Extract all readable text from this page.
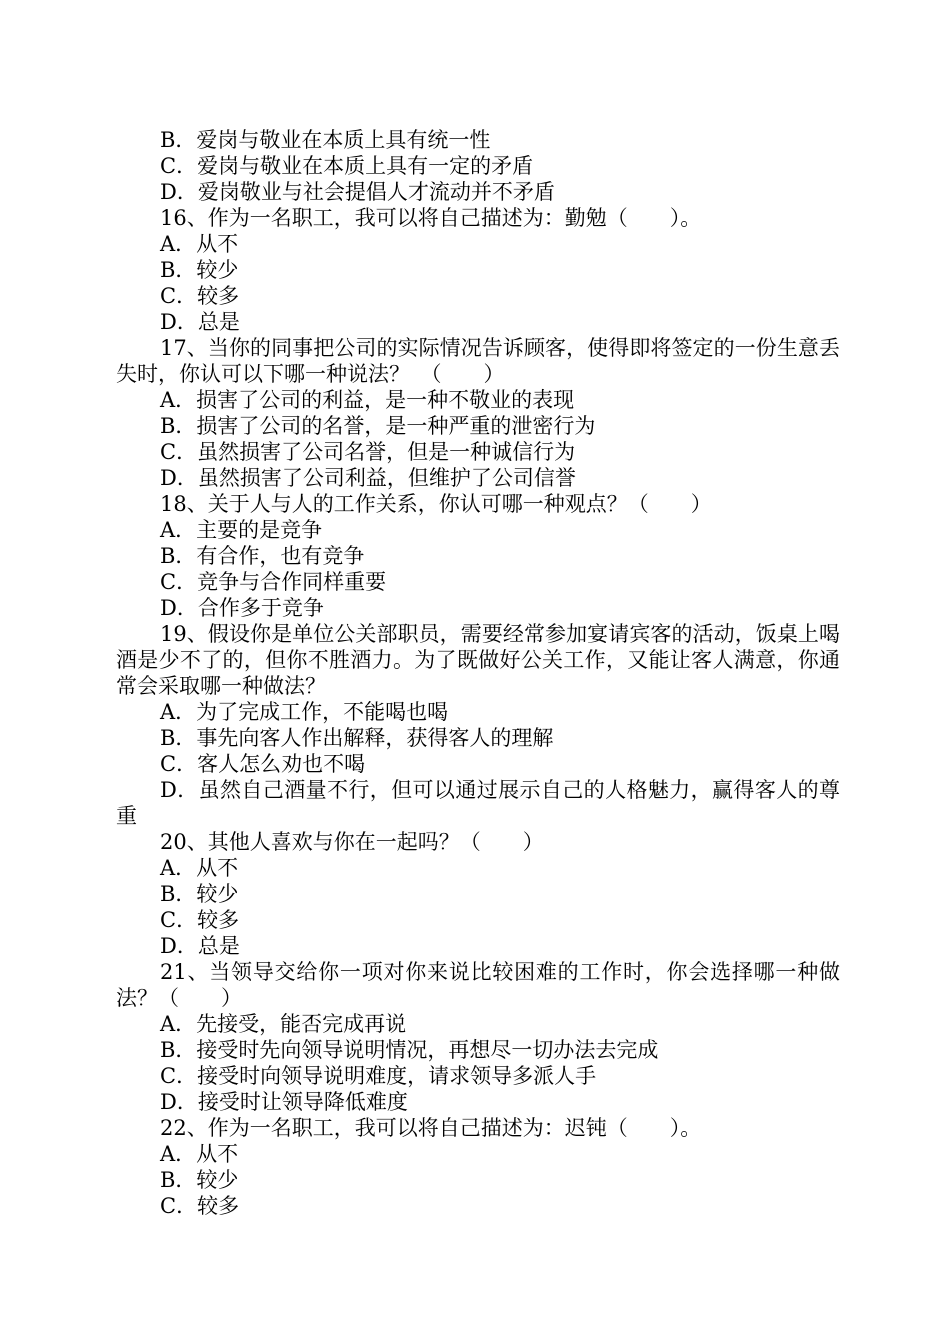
B．爱岗与敬业在本质上具有统一性
C．爱岗与敬业在本质上具有一定的矛盾
D．爱岗敬业与社会提倡人才流动并不矛盾
16、作为一名职工，我可以将自己描述为：勤勉（　　）。
A．从不
B．较少
C．较多
D．总是
17、当你的同事把公司的实际情况告诉顾客，使得即将签定的一份生意丢失时，你认可以下哪一种说法？　（　　）
A．损害了公司的利益，是一种不敬业的表现
B．损害了公司的名誉，是一种严重的泄密行为
C．虽然损害了公司名誉，但是一种诚信行为
D．虽然损害了公司利益，但维护了公司信誉
18、关于人与人的工作关系，你认可哪一种观点？（　　）
A．主要的是竞争
B．有合作，也有竞争
C．竞争与合作同样重要
D．合作多于竞争
19、假设你是单位公关部职员，需要经常参加宴请宾客的活动，饭桌上喝酒是少不了的，但你不胜酒力。为了既做好公关工作，又能让客人满意，你通常会采取哪一种做法？
A．为了完成工作，不能喝也喝
B．事先向客人作出解释，获得客人的理解
C．客人怎么劝也不喝
D．虽然自己酒量不行，但可以通过展示自己的人格魅力，赢得客人的尊重
20、其他人喜欢与你在一起吗？（　　）
A．从不
B．较少
C．较多
D．总是
21、当领导交给你一项对你来说比较困难的工作时，你会选择哪一种做法？（　　）
A．先接受，能否完成再说
B．接受时先向领导说明情况，再想尽一切办法去完成
C．接受时向领导说明难度，请求领导多派人手
D．接受时让领导降低难度
22、作为一名职工，我可以将自己描述为：迟钝（　　）。
A．从不
B．较少
C．较多
